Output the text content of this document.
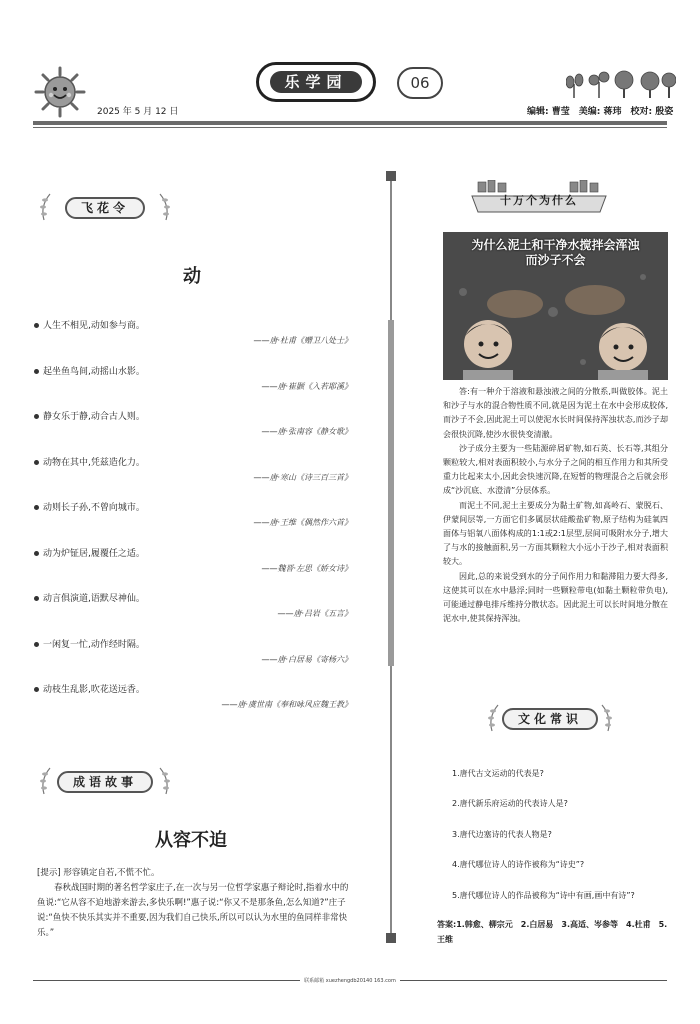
2025 年 5 月 12 日
乐学园	06
编辑: 曹莹　美编: 蒋玮　校对: 殷姿
飞花令
动
人生不相见,动如参与商。
——唐·杜甫《赠卫八处士》
起坐鱼鸟间,动摇山水影。
——唐·崔颢《入若耶溪》
静女乐于静,动合古人则。
——唐·张南容《静女歌》
动物在其中,凭兹造化力。
——唐·寒山《诗三百三首》
动则长子孙,不曾向城市。
——唐·王维《偶然作六首》
动为炉钲居,履覆任之适。
——魏晋·左思《娇女诗》
动言俱演道,语默尽神仙。
——唐·吕岩《五言》
一闲复一忙,动作经时隔。
——唐·白居易《寄杨六》
动枝生乱影,吹花送远香。
——唐·虞世南《奉和咏风应魏王教》
成语故事
从容不迫

[提示] 形容镇定自若,不慌不忙。

春秋战国时期的著名哲学家庄子,在一次与另一位哲学家惠子辩论时,指着水中的鱼说:“它从容不迫地游来游去,多快乐啊!”惠子说:“你又不是那条鱼,怎么知道?”庄子说:“鱼快不快乐其实并不重要,因为我们自己快乐,所以可以认为水里的鱼同样非常快乐。”

十万个为什么
为什么泥土和干净水搅拌会浑浊
而沙子不会

答:有一种介于溶液和悬浊液之间的分散系,叫做胶体。泥土和沙子与水的混合物性质不同,就是因为泥土在水中会形成胶体,而沙子不会,因此泥土可以使泥水长时间保持浑浊状态,而沙子却会很快沉降,使沙水很快变清澈。

沙子成分主要为一些陆源碎屑矿物,如石英、长石等,其组分颗粒较大,相对表面积较小,与水分子之间的相互作用力和其所受重力比起来太小,因此会快速沉降,在短暂的物理混合之后就会形成“沙沉底、水澄清”分层体系。

而泥土不同,泥土主要成分为黏土矿物,如高岭石、蒙脱石、伊蒙间层等,一方面它们多属层状硅酸盐矿物,原子结构为硅氧四面体与铝氧八面体构成的1:1或2:1层型,层间可吸附水分子,增大了与水的接触面积,另一方面其颗粒大小远小于沙子,相对表面积较大。

因此,总的来说受到水的分子间作用力和黏滞阻力要大得多,这使其可以在水中悬浮;同时一些颗粒带电(如黏土颗粒带负电),可能通过静电排斥维持分散状态。因此泥土可以长时间地分散在泥水中,使其保持浑浊。

文化常识
1.唐代古文运动的代表是?
2.唐代新乐府运动的代表诗人是?
3.唐代边塞诗的代表人物是?
4.唐代哪位诗人的诗作被称为“诗史”?
5.唐代哪位诗人的作品被称为“诗中有画,画中有诗”?
答案:1.韩愈、柳宗元　2.白居易　3.高适、岑参等　4.杜甫　5.王维
联系邮箱 xuezhengdb20140 163.com
